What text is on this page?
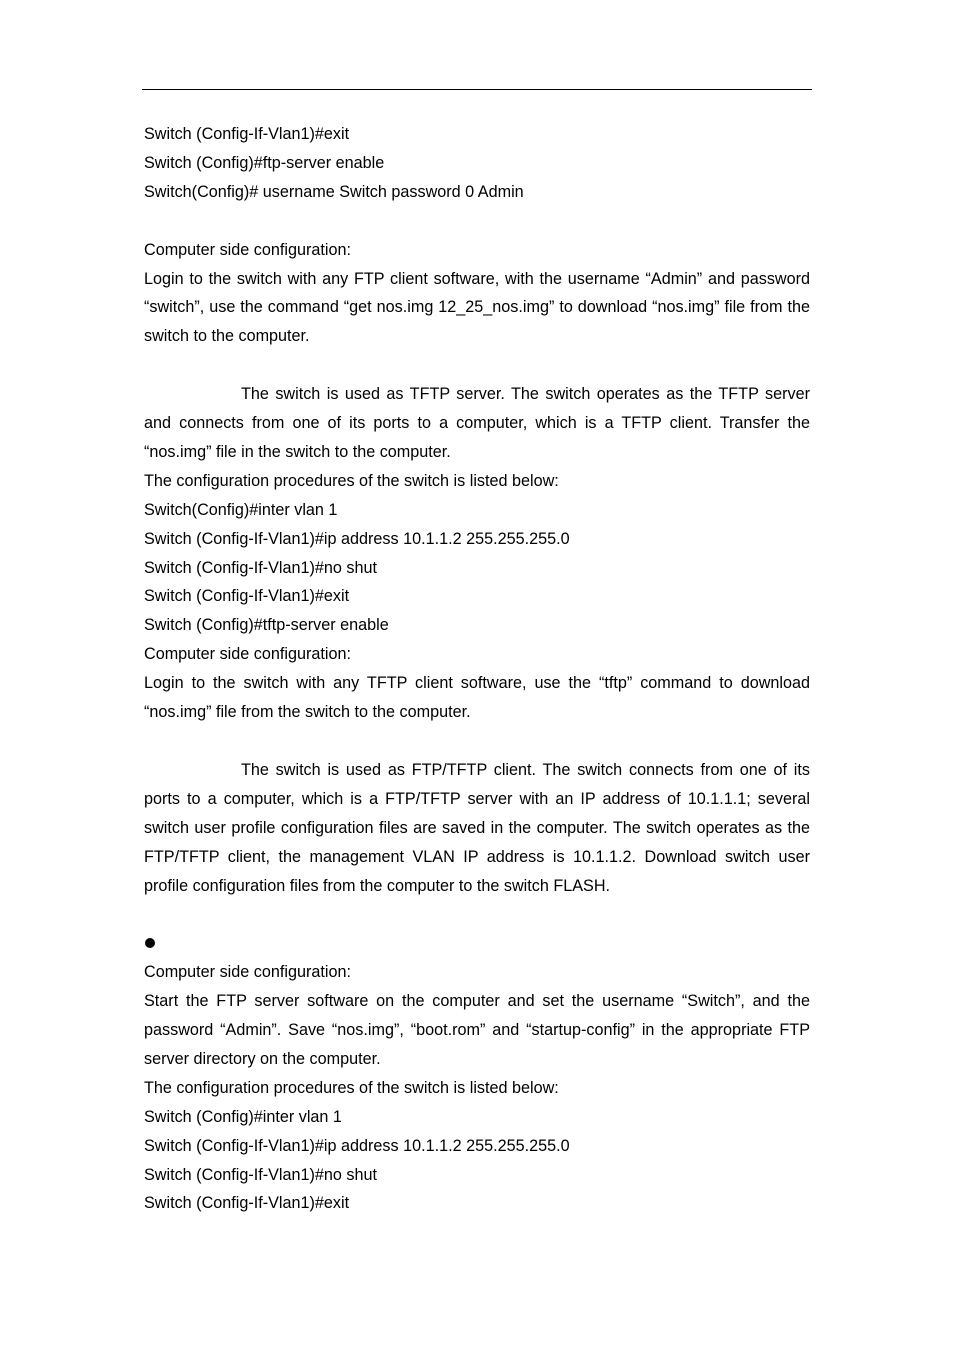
Switch (Config-If-Vlan1)#exit
Switch (Config)#ftp-server enable
Switch(Config)# username Switch password 0 Admin
Computer side configuration:

Login to the switch with any FTP client software, with the username “Admin” and password “switch”, use the command “get nos.img 12_25_nos.img” to download “nos.img” file from the switch to the computer.

The switch is used as TFTP server. The switch operates as the TFTP server and connects from one of its ports to a computer, which is a TFTP client. Transfer the “nos.img” file in the switch to the computer.

The configuration procedures of the switch is listed below:
Switch(Config)#inter vlan 1
Switch (Config-If-Vlan1)#ip address 10.1.1.2 255.255.255.0
Switch (Config-If-Vlan1)#no shut
Switch (Config-If-Vlan1)#exit
Switch (Config)#tftp-server enable
Computer side configuration:

Login to the switch with any TFTP client software, use the “tftp” command to download “nos.img” file from the switch to the computer.

The switch is used as FTP/TFTP client. The switch connects from one of its ports to a computer, which is a FTP/TFTP server with an IP address of 10.1.1.1; several switch user profile configuration files are saved in the computer. The switch operates as the FTP/TFTP client, the management VLAN IP address is 10.1.1.2. Download switch user profile configuration files from the computer to the switch FLASH.

Computer side configuration:

Start the FTP server software on the computer and set the username “Switch”, and the password “Admin”. Save “nos.img”, “boot.rom” and “startup-config” in the appropriate FTP server directory on the computer.

The configuration procedures of the switch is listed below:
Switch (Config)#inter vlan 1
Switch (Config-If-Vlan1)#ip address 10.1.1.2 255.255.255.0
Switch (Config-If-Vlan1)#no shut
Switch (Config-If-Vlan1)#exit
